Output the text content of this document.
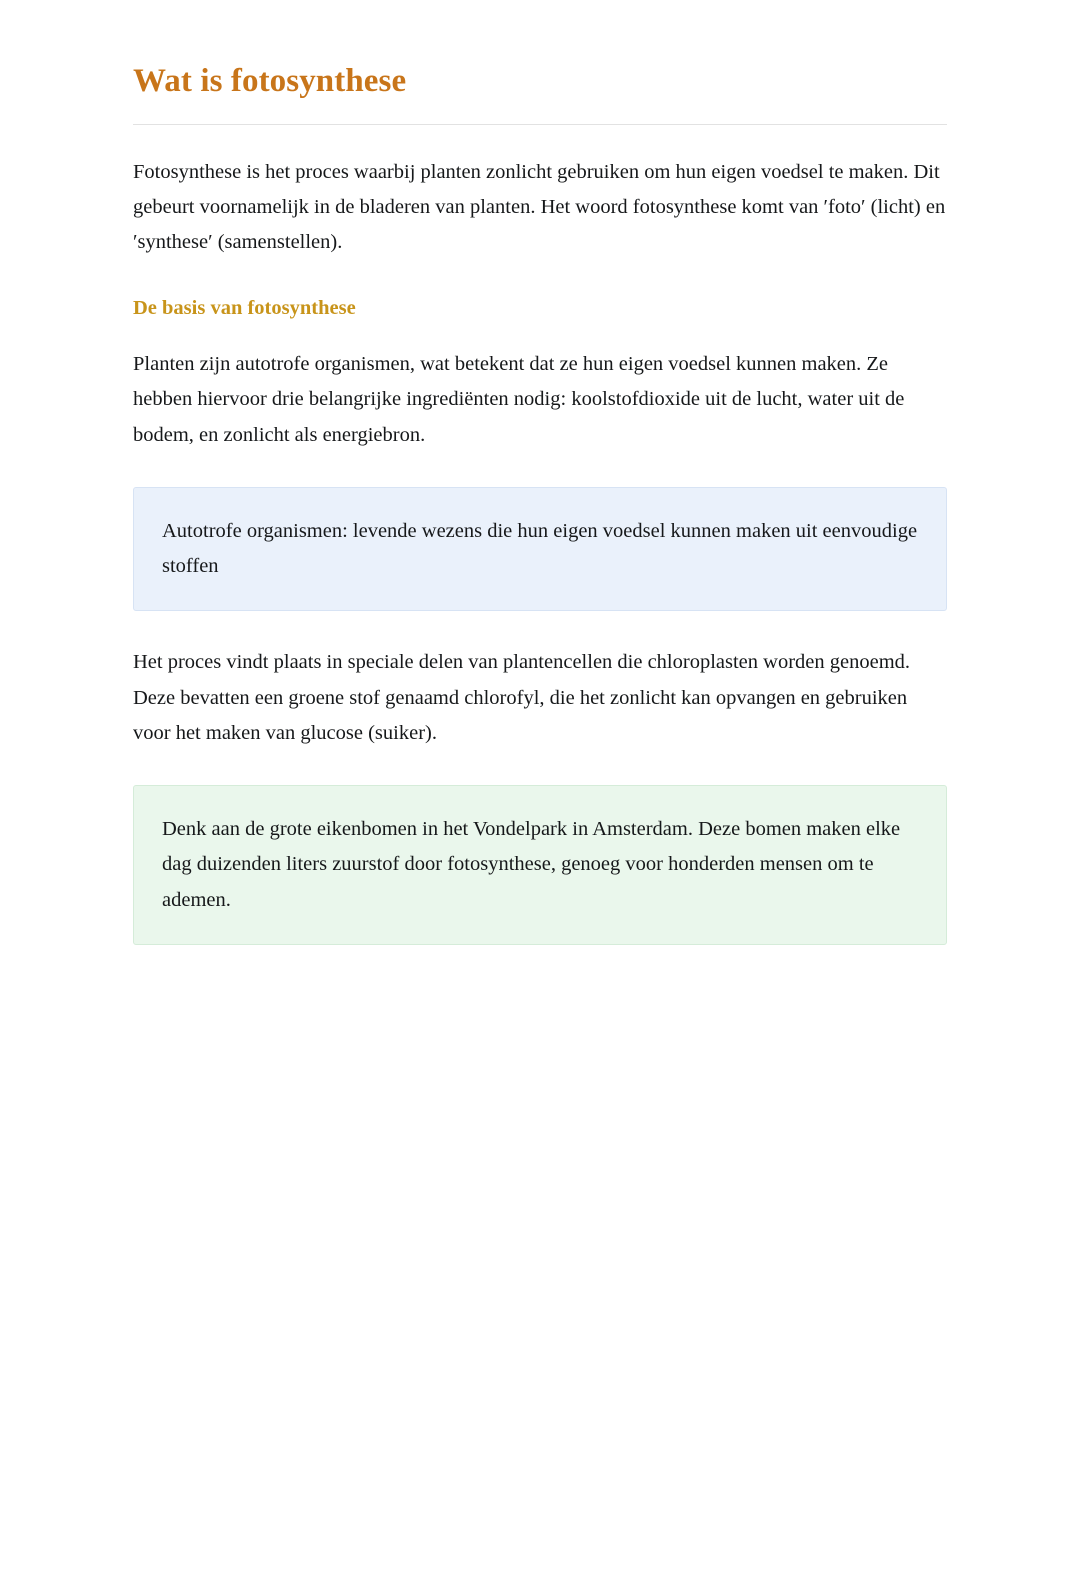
Wat is fotosynthese

Fotosynthese is het proces waarbij planten zonlicht gebruiken om hun eigen voedsel te maken. Dit gebeurt voornamelijk in de bladeren van planten. Het woord fotosynthese komt van ′foto′ (licht) en ′synthese′ (samenstellen).

De basis van fotosynthese

Planten zijn autotrofe organismen, wat betekent dat ze hun eigen voedsel kunnen maken. Ze hebben hiervoor drie belangrijke ingrediënten nodig: koolstofdioxide uit de lucht, water uit de bodem, en zonlicht als energiebron.

Autotrofe organismen: levende wezens die hun eigen voedsel kunnen maken uit eenvoudige stoffen

Het proces vindt plaats in speciale delen van plantencellen die chloroplasten worden genoemd. Deze bevatten een groene stof genaamd chlorofyl, die het zonlicht kan opvangen en gebruiken voor het maken van glucose (suiker).

Denk aan de grote eikenbomen in het Vondelpark in Amsterdam. Deze bomen maken elke dag duizenden liters zuurstof door fotosynthese, genoeg voor honderden mensen om te ademen.
